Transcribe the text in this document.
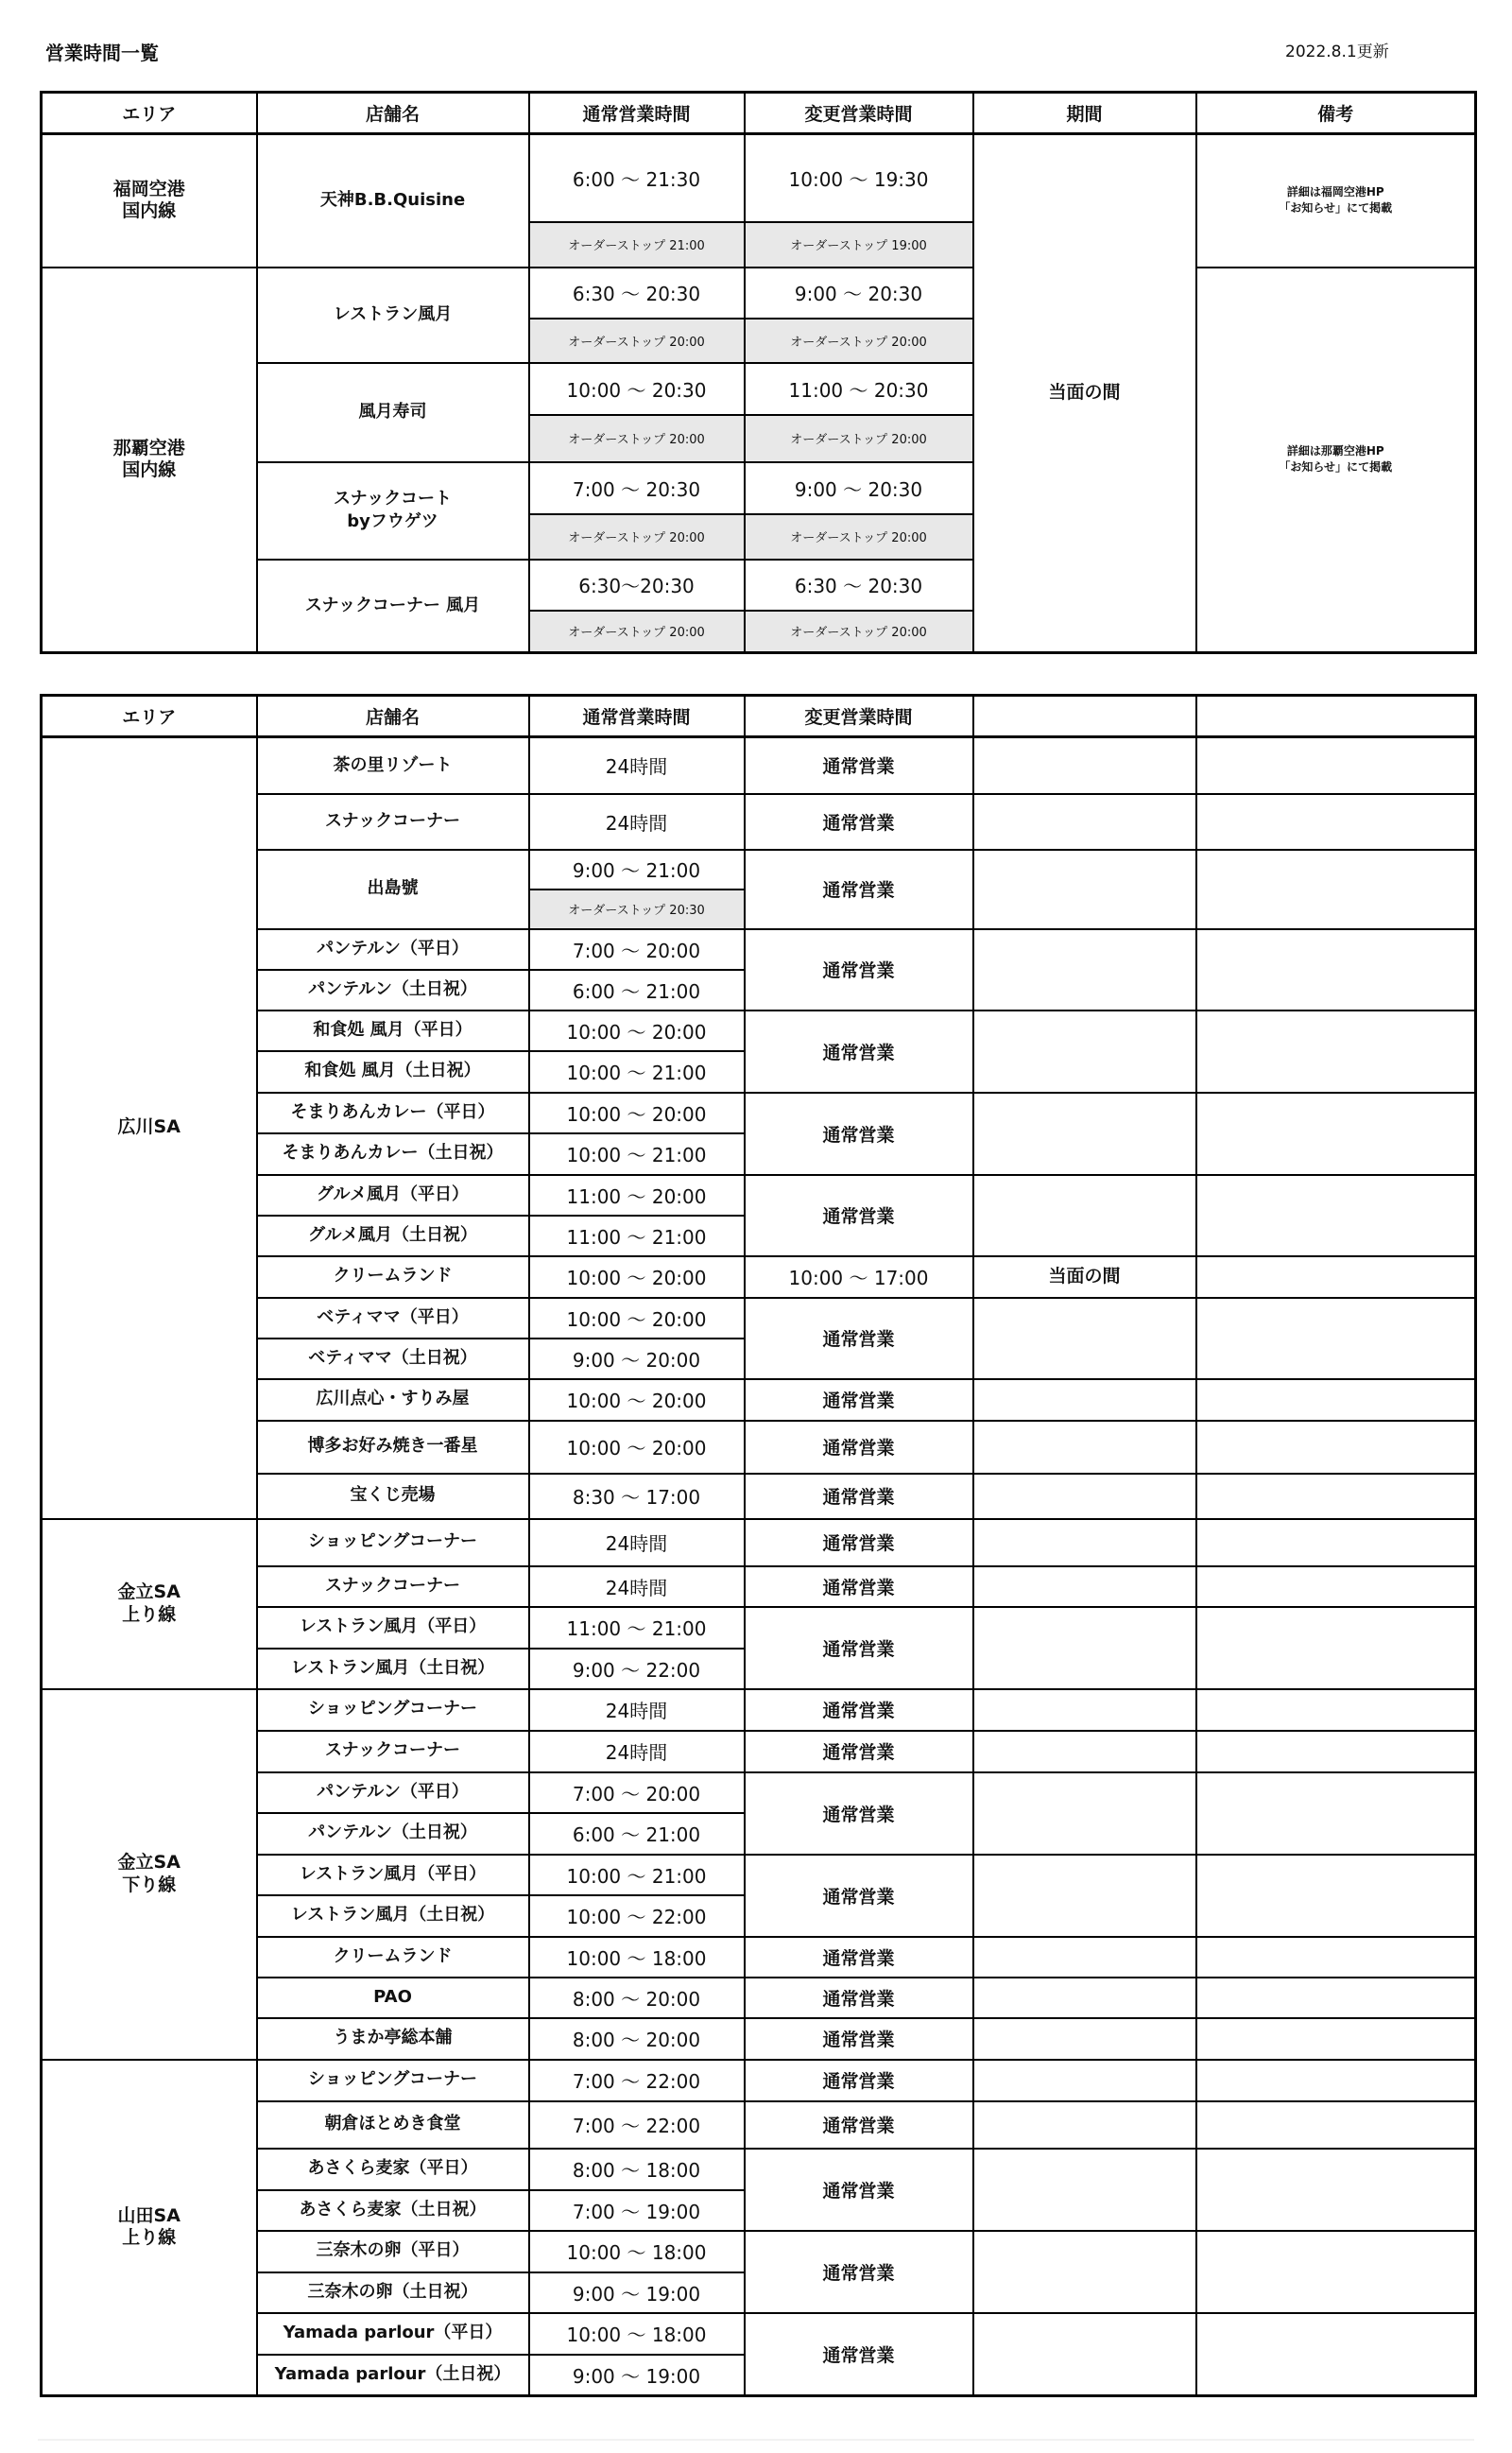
営業時間一覧	2022.8.1更新
エリア	店舗名	通常営業時間	変更営業時間	期間	備考
福岡空港
国内線	天神B.B.Quisine	6:00 ～ 21:30	10:00 ～ 19:30	当面の間	詳細は福岡空港HP
「お知らせ」にて掲載
		オーダーストップ 21:00	オーダーストップ 19:00		
那覇空港
国内線	レストラン風月	6:30 ～ 20:30	9:00 ～ 20:30		詳細は那覇空港HP
「お知らせ」にて掲載
		オーダーストップ 20:00	オーダーストップ 20:00		
	風月寿司	10:00 ～ 20:30	11:00 ～ 20:30		
		オーダーストップ 20:00	オーダーストップ 20:00		
	スナックコート
byフウゲツ	7:00 ～ 20:30	9:00 ～ 20:30		
		オーダーストップ 20:00	オーダーストップ 20:00		
	スナックコーナー 風月	6:30～20:30	6:30 ～ 20:30		
		オーダーストップ 20:00	オーダーストップ 20:00		
エリア	店舗名	通常営業時間	変更営業時間		
広川SA	茶の里リゾート	24時間	通常営業		
	スナックコーナー	24時間	通常営業		
	出島號	9:00 ～ 21:00	通常営業		
		オーダーストップ 20:30			
	パンテルン（平日）	7:00 ～ 20:00	通常営業		
	パンテルン（土日祝）	6:00 ～ 21:00			
	和食処 風月（平日）	10:00 ～ 20:00	通常営業		
	和食処 風月（土日祝）	10:00 ～ 21:00			
	そまりあんカレー（平日）	10:00 ～ 20:00	通常営業		
	そまりあんカレー（土日祝）	10:00 ～ 21:00			
	グルメ風月（平日）	11:00 ～ 20:00	通常営業		
	グルメ風月（土日祝）	11:00 ～ 21:00			
	クリームランド	10:00 ～ 20:00	10:00 ～ 17:00	当面の間	
	ベティママ（平日）	10:00 ～ 20:00	通常営業		
	ベティママ（土日祝）	9:00 ～ 20:00			
	広川点心・すりみ屋	10:00 ～ 20:00	通常営業		
	博多お好み焼き一番星	10:00 ～ 20:00	通常営業		
	宝くじ売場	8:30 ～ 17:00	通常営業		
金立SA
上り線	ショッピングコーナー	24時間	通常営業		
	スナックコーナー	24時間	通常営業		
	レストラン風月（平日）	11:00 ～ 21:00	通常営業		
	レストラン風月（土日祝）	9:00 ～ 22:00			
金立SA
下り線	ショッピングコーナー	24時間	通常営業		
	スナックコーナー	24時間	通常営業		
	パンテルン（平日）	7:00 ～ 20:00	通常営業		
	パンテルン（土日祝）	6:00 ～ 21:00			
	レストラン風月（平日）	10:00 ～ 21:00	通常営業		
	レストラン風月（土日祝）	10:00 ～ 22:00			
	クリームランド	10:00 ～ 18:00	通常営業		
	PAO	8:00 ～ 20:00	通常営業		
	うまか亭総本舗	8:00 ～ 20:00	通常営業		
山田SA
上り線	ショッピングコーナー	7:00 ～ 22:00	通常営業		
	朝倉ほとめき食堂	7:00 ～ 22:00	通常営業		
	あさくら麦家（平日）	8:00 ～ 18:00	通常営業		
	あさくら麦家（土日祝）	7:00 ～ 19:00			
	三奈木の卵（平日）	10:00 ～ 18:00	通常営業		
	三奈木の卵（土日祝）	9:00 ～ 19:00			
	Yamada parlour（平日）	10:00 ～ 18:00	通常営業		
	Yamada parlour（土日祝）	9:00 ～ 19:00			
